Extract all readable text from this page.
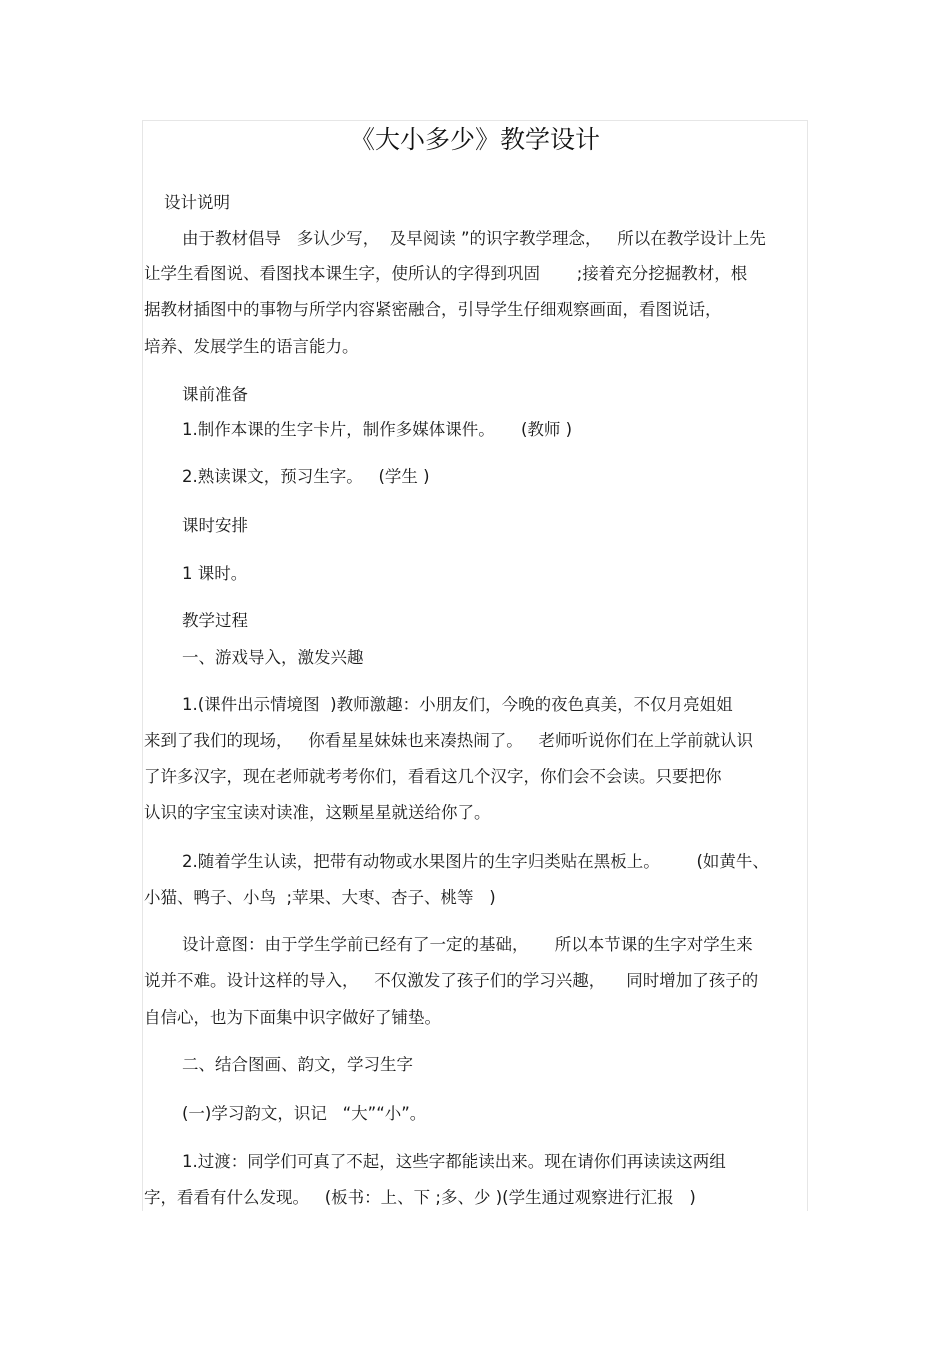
《大小多少》教学设计
设计说明
由于教材倡导   多认少写，  及早阅读 ”的识字教学理念，   所以在教学设计上先
让学生看图说、看图找本课生字，使所认的字得到巩固       ;接着充分挖掘教材，根
据教材插图中的事物与所学内容紧密融合，引导学生仔细观察画面，看图说话，
培养、发展学生的语言能力。
课前准备
1.制作本课的生字卡片，制作多媒体课件。     (教师 )
2.熟读课文，预习生字。   (学生 )
课时安排
1 课时。
教学过程
一、游戏导入，激发兴趣
1.(课件出示情境图  )教师激趣：小朋友们，今晚的夜色真美，不仅月亮姐姐
来到了我们的现场，   你看星星妹妹也来凑热闹了。   老师听说你们在上学前就认识
了许多汉字，现在老师就考考你们，看看这几个汉字，你们会不会读。只要把你
认识的字宝宝读对读准，这颗星星就送给你了。
2.随着学生认读，把带有动物或水果图片的生字归类贴在黑板上。       (如黄牛、
小猫、鸭子、小鸟  ;苹果、大枣、杏子、桃等   )
设计意图：由于学生学前已经有了一定的基础，     所以本节课的生字对学生来
说并不难。设计这样的导入，   不仅激发了孩子们的学习兴趣，    同时增加了孩子的
自信心，也为下面集中识字做好了铺垫。
二、结合图画、韵文，学习生字
(一)学习韵文，识记   “大”“小”。
1.过渡：同学们可真了不起，这些字都能读出来。现在请你们再读读这两组
字，看看有什么发现。   (板书：上、下 ;多、少 )(学生通过观察进行汇报   )
